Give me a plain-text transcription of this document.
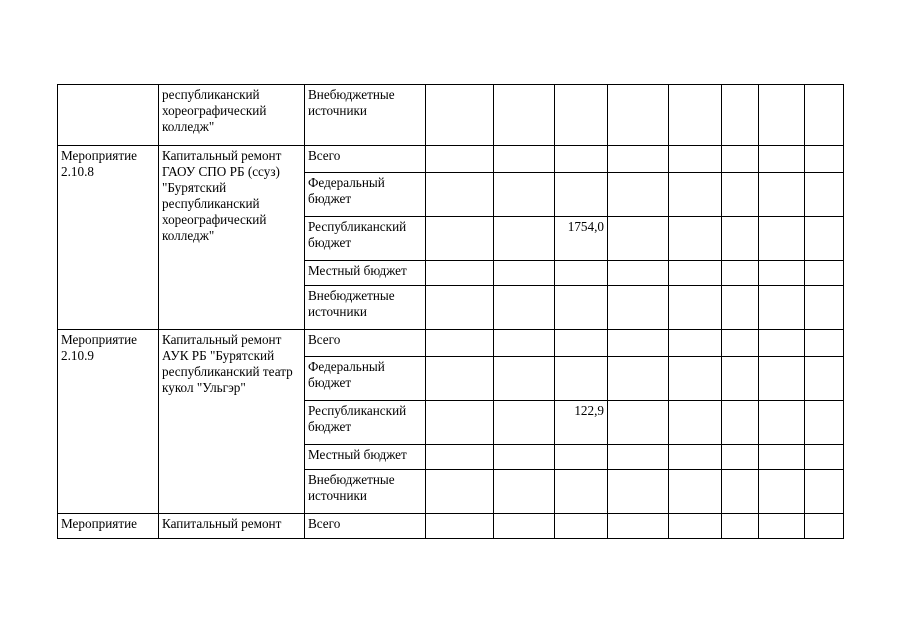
	республиканский хореографический колледж"	Внебюджетные источники								
Мероприятие 2.10.8	Капитальный ремонт ГАОУ СПО РБ (ссуз) "Бурятский республиканский хореографический колледж"	Всего								
		Федеральный бюджет								
		Республиканский бюджет			1754,0					
		Местный бюджет								
		Внебюджетные источники								
Мероприятие 2.10.9	Капитальный ремонт АУК РБ "Бурятский республиканский театр кукол "Ульгэр"	Всего								
		Федеральный бюджет								
		Республиканский бюджет			122,9					
		Местный бюджет								
		Внебюджетные источники								
Мероприятие	Капитальный ремонт	Всего								
